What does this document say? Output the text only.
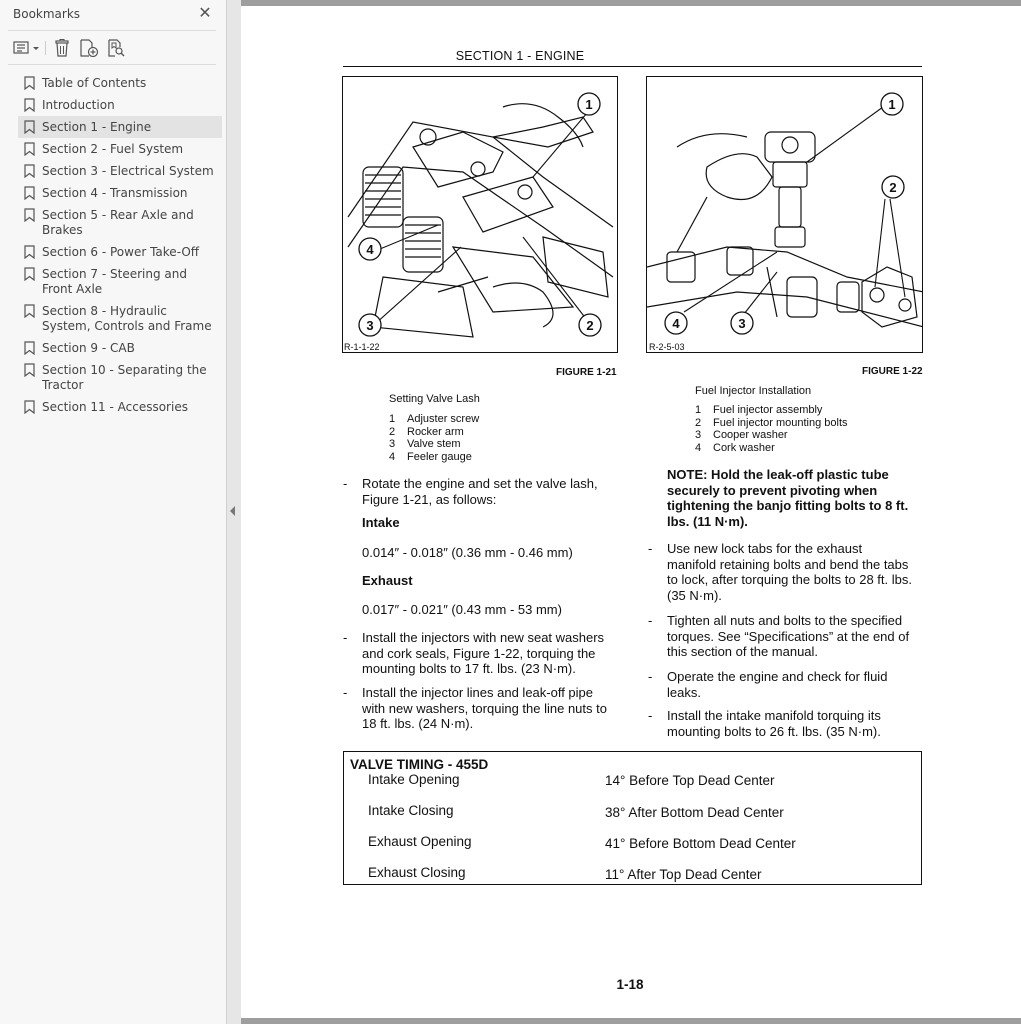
Bookmarks	✕
Table of Contents
Introduction
Section 1 - Engine
Section 2 - Fuel System
Section 3 - Electrical System
Section 4 - Transmission
Section 5 - Rear Axle and Brakes
Section 6 - Power Take-Off
Section 7 - Steering and Front Axle
Section 8 - Hydraulic System, Controls and Frame
Section 9 - CAB
Section 10 - Separating the Tractor
Section 11 - Accessories
SECTION 1 - ENGINE
1
2
3
4
R-1-1-22
FIGURE 1-21
1
2
3
4
R-2-5-03
FIGURE 1-22
Setting Valve Lash
1	Adjuster screw
2	Rocker arm
3	Valve stem
4	Feeler gauge
Fuel Injector Installation
1	Fuel injector assembly
2	Fuel injector mounting bolts
3	Cooper washer
4	Cork washer
- Rotate the engine and set the valve lash,
Figure 1-21, as follows:
Intake
0.014″ - 0.018″ (0.36 mm - 0.46 mm)
Exhaust
0.017″ - 0.021″ (0.43 mm - 53 mm)
- Install the injectors with new seat washers
and cork seals, Figure 1-22, torquing the
mounting bolts to 17 ft. lbs. (23 N·m).
- Install the injector lines and leak-off pipe
with new washers, torquing the line nuts to
18 ft. lbs. (24 N·m).
NOTE: Hold the leak-off plastic tube
securely to prevent pivoting when
tightening the banjo fitting bolts to 8 ft.
lbs. (11 N·m).
- Use new lock tabs for the exhaust
manifold retaining bolts and bend the tabs
to lock, after torquing the bolts to 28 ft. lbs.
(35 N·m).
- Tighten all nuts and bolts to the specified
torques. See “Specifications” at the end of
this section of the manual.
- Operate the engine and check for fluid
leaks.
- Install the intake manifold torquing its
mounting bolts to 26 ft. lbs. (35 N·m).
VALVE TIMING - 455D
Intake Opening	14° Before Top Dead Center
Intake Closing	38° After Bottom Dead Center
Exhaust Opening	41° Before Bottom Dead Center
Exhaust Closing	11° After Top Dead Center
1-18
